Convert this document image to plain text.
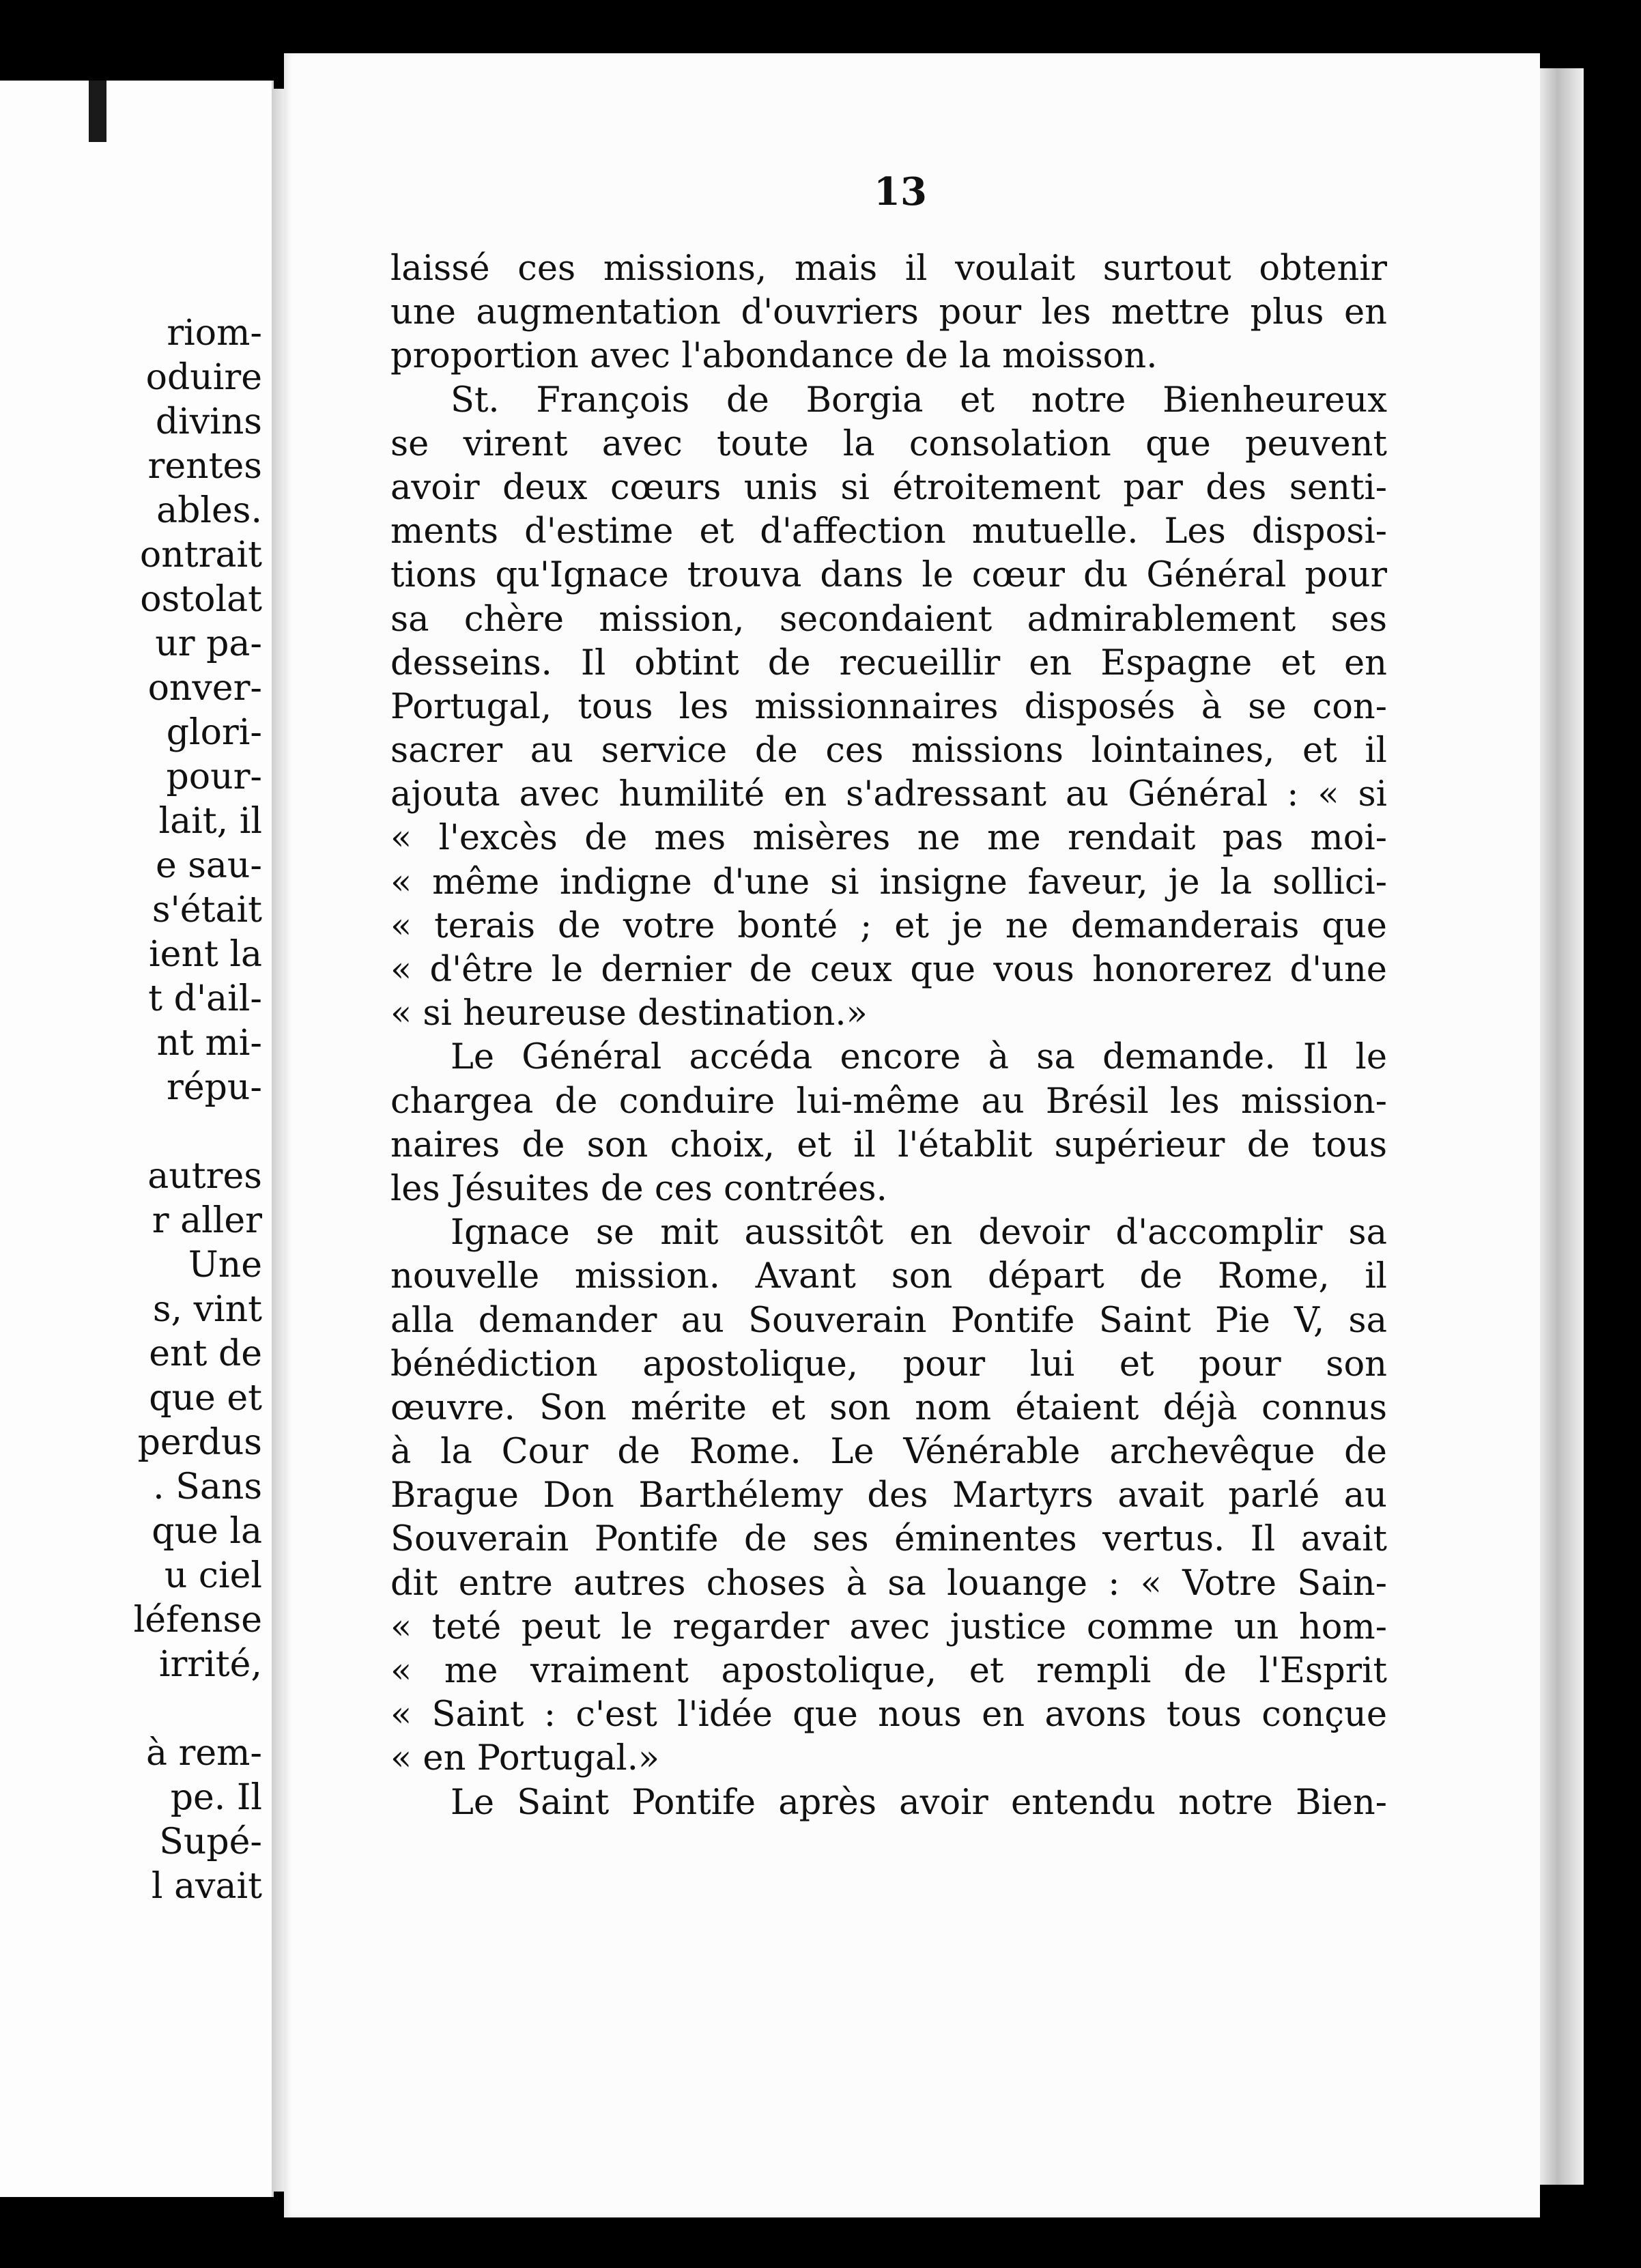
riom-
oduire
divins
rentes
ables.
ontrait
ostolat
ur pa-
onver-
glori-
pour-
lait, il
e sau-
s'était
ient la
t d'ail-
nt mi-
répu-
autres
r aller
Une
s, vint
ent de
que et
perdus
. Sans
que la
u ciel
léfense
irrité,
à rem-
pe. Il
Supé-
l avait
13
laissé ces missions, mais il voulait surtout obtenir
une augmentation d'ouvriers pour les mettre plus en
proportion avec l'abondance de la moisson.
St. François de Borgia et notre Bienheureux
se virent avec toute la consolation que peuvent
avoir deux cœurs unis si étroitement par des senti-
ments d'estime et d'affection mutuelle. Les disposi-
tions qu'Ignace trouva dans le cœur du Général pour
sa chère mission, secondaient admirablement ses
desseins. Il obtint de recueillir en Espagne et en
Portugal, tous les missionnaires disposés à se con-
sacrer au service de ces missions lointaines, et il
ajouta avec humilité en s'adressant au Général : « si
« l'excès de mes misères ne me rendait pas moi-
« même indigne d'une si insigne faveur, je la sollici-
« terais de votre bonté ; et je ne demanderais que
« d'être le dernier de ceux que vous honorerez d'une
« si heureuse destination.»
Le Général accéda encore à sa demande. Il le
chargea de conduire lui-même au Brésil les mission-
naires de son choix, et il l'établit supérieur de tous
les Jésuites de ces contrées.
Ignace se mit aussitôt en devoir d'accomplir sa
nouvelle mission. Avant son départ de Rome, il
alla demander au Souverain Pontife Saint Pie V, sa
bénédiction apostolique, pour lui et pour son
œuvre. Son mérite et son nom étaient déjà connus
à la Cour de Rome. Le Vénérable archevêque de
Brague Don Barthélemy des Martyrs avait parlé au
Souverain Pontife de ses éminentes vertus. Il avait
dit entre autres choses à sa louange : « Votre Sain-
« teté peut le regarder avec justice comme un hom-
« me vraiment apostolique, et rempli de l'Esprit
« Saint : c'est l'idée que nous en avons tous conçue
« en Portugal.»
Le Saint Pontife après avoir entendu notre Bien-
